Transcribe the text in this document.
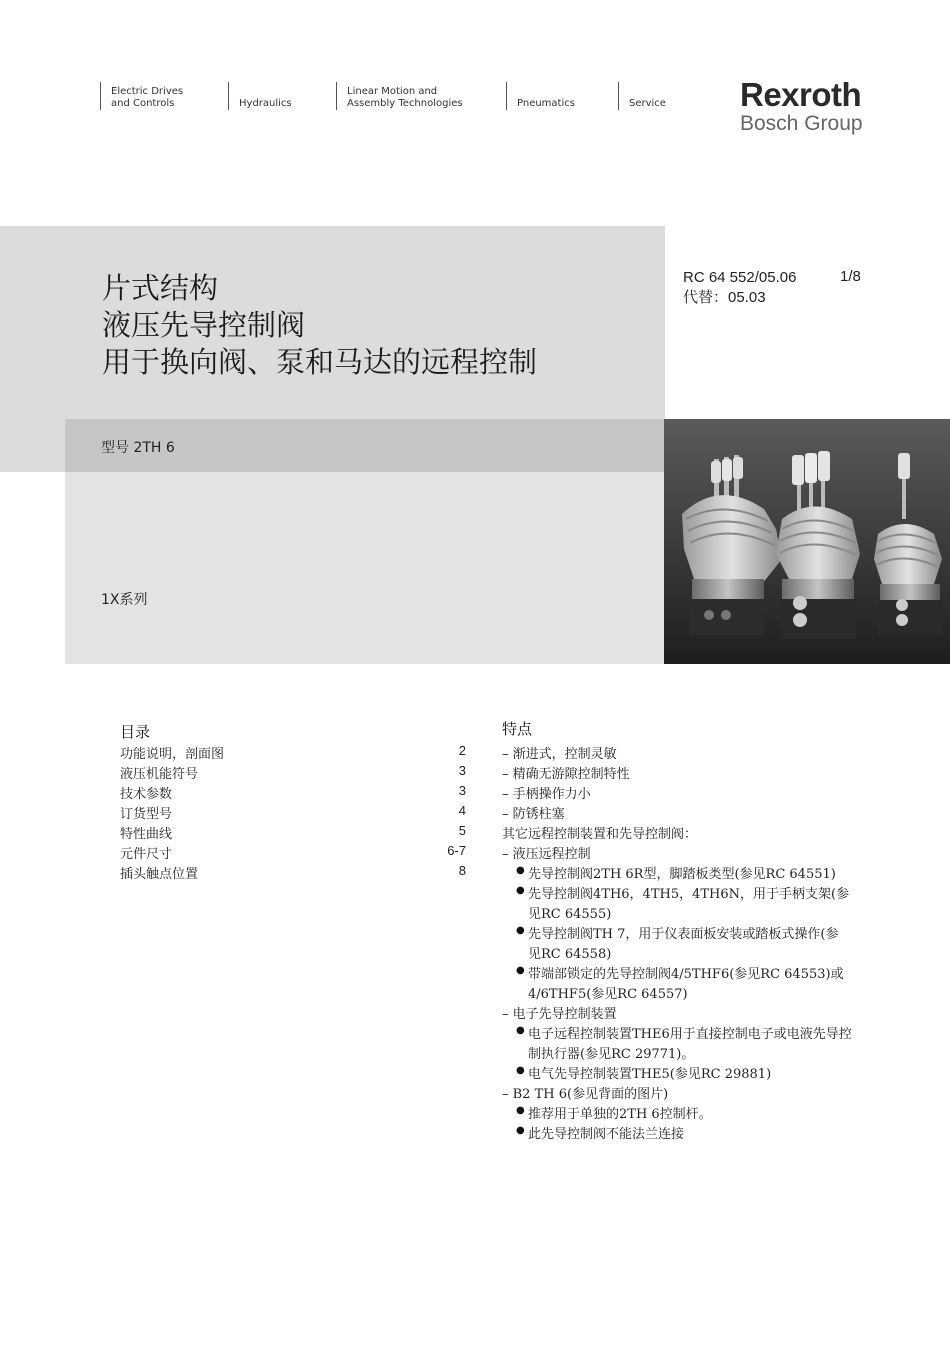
Electric Drives
and Controls	Hydraulics
Linear Motion and
Assembly Technologies	Pneumatics	Service Rexroth
Bosch Group
片式结构
液压先导控制阀
用于换向阀、泵和马达的远程控制
型号 2TH 6
1X系列
RC 64 552/05.06
代替：05.03
1/8
目录
功能说明，剖面图	2
液压机能符号	3
技术参数	3
订货型号	4
特性曲线	5
元件尺寸	6-7
插头触点位置	8
特点
– 渐进式，控制灵敏
– 精确无游隙控制特性
– 手柄操作力小
– 防锈柱塞
其它远程控制装置和先导控制阀：
– 液压远程控制
● 先导控制阀2TH 6R型，脚踏板类型(参见RC 64551)
● 先导控制阀4TH6，4TH5，4TH6N，用于手柄支架(参
见RC 64555)
● 先导控制阀TH 7，用于仪表面板安装或踏板式操作(参
见RC 64558)
● 带端部锁定的先导控制阀4/5THF6(参见RC 64553)或
4/6THF5(参见RC 64557)
– 电子先导控制装置
● 电子远程控制装置THE6用于直接控制电子或电液先导控
制执行器(参见RC 29771)。
● 电气先导控制装置THE5(参见RC 29881)
– B2 TH 6(参见背面的图片)
● 推荐用于单独的2TH 6控制杆。
● 此先导控制阀不能法兰连接
